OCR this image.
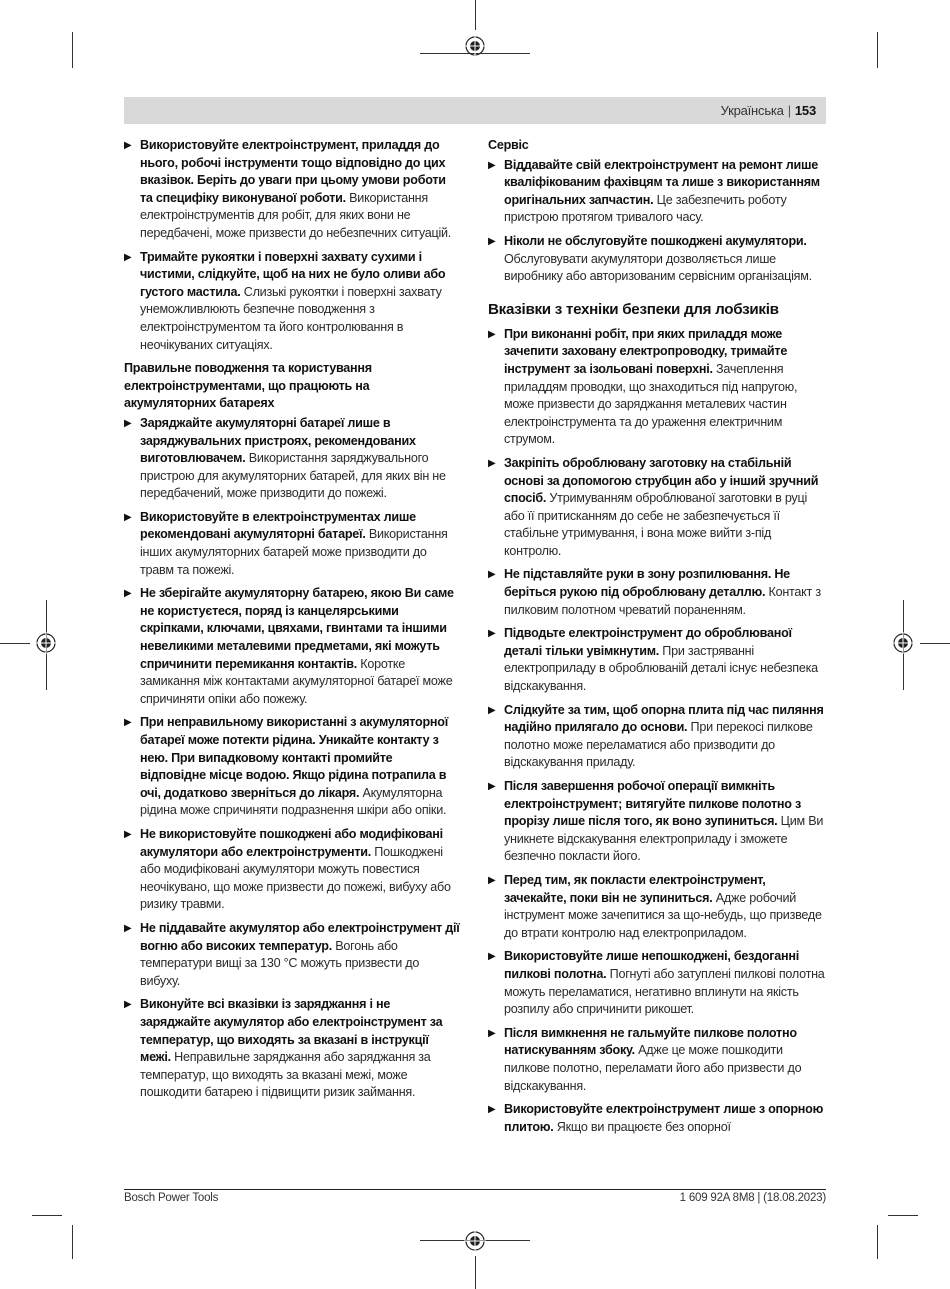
Українська | 153
▶ Використовуйте електроінструмент, приладдя до нього, робочі інструменти тощо відповідно до цих вказівок. Беріть до уваги при цьому умови роботи та специфіку виконуваної роботи. Використання електроінструментів для робіт, для яких вони не передбачені, може призвести до небезпечних ситуацій.
▶ Тримайте рукоятки і поверхні захвату сухими і чистими, слідкуйте, щоб на них не було оливи або густого мастила. Слизькі рукоятки і поверхні захвату унеможливлюють безпечне поводження з електроінструментом та його контролювання в неочікуваних ситуаціях.
Правильне поводження та користування електроінструментами, що працюють на акумуляторних батареях
▶ Заряджайте акумуляторні батареї лише в заряджувальних пристроях, рекомендованих виготовлювачем. Використання заряджувального пристрою для акумуляторних батарей, для яких він не передбачений, може призводити до пожежі.
▶ Використовуйте в електроінструментах лише рекомендовані акумуляторні батареї. Використання інших акумуляторних батарей може призводити до травм та пожежі.
▶ Не зберігайте акумуляторну батарею, якою Ви саме не користуєтеся, поряд із канцелярськими скріпками, ключами, цвяхами, гвинтами та іншими невеликими металевими предметами, які можуть спричинити перемикання контактів. Коротке замикання між контактами акумуляторної батареї може спричиняти опіки або пожежу.
▶ При неправильному використанні з акумуляторної батареї може потекти рідина. Уникайте контакту з нею. При випадковому контакті промийте відповідне місце водою. Якщо рідина потрапила в очі, додатково зверніться до лікаря. Акумуляторна рідина може спричиняти подразнення шкіри або опіки.
▶ Не використовуйте пошкоджені або модифіковані акумулятори або електроінструменти. Пошкоджені або модифіковані акумулятори можуть повестися неочікувано, що може призвести до пожежі, вибуху або ризику травми.
▶ Не піддавайте акумулятор або електроінструмент дії вогню або високих температур. Вогонь або температури вищі за 130 °C можуть призвести до вибуху.
▶ Виконуйте всі вказівки із заряджання і не заряджайте акумулятор або електроінструмент за температур, що виходять за вказані в інструкції межі. Неправильне заряджання або заряджання за температур, що виходять за вказані межі, може пошкодити батарею і підвищити ризик займання.
Сервіс
▶ Віддавайте свій електроінструмент на ремонт лише кваліфікованим фахівцям та лише з використанням оригінальних запчастин. Це забезпечить роботу пристрою протягом тривалого часу.
▶ Ніколи не обслуговуйте пошкоджені акумулятори. Обслуговувати акумулятори дозволяється лише виробнику або авторизованим сервісним організаціям.
Вказівки з техніки безпеки для лобзиків
▶ При виконанні робіт, при яких приладдя може зачепити заховану електропроводку, тримайте інструмент за ізольовані поверхні. Зачеплення приладдям проводки, що знаходиться під напругою, може призвести до заряджання металевих частин електроінструмента та до ураження електричним струмом.
▶ Закріпіть оброблювану заготовку на стабільній основі за допомогою струбцин або у інший зручний спосіб. Утримуванням оброблюваної заготовки в руці або її притисканням до себе не забезпечується її стабільне утримування, і вона може вийти з-під контролю.
▶ Не підставляйте руки в зону розпилювання. Не беріться рукою під оброблювану деталлю. Контакт з пилковим полотном чреватий пораненням.
▶ Підводьте електроінструмент до оброблюваної деталі тільки увімкнутим. При застряванні електроприладу в оброблюваній деталі існує небезпека відскакування.
▶ Слідкуйте за тим, щоб опорна плита під час пиляння надійно прилягало до основи. При перекосі пилкове полотно може переламатися або призводити до відскакування приладу.
▶ Після завершення робочої операції вимкніть електроінструмент; витягуйте пилкове полотно з прорізу лише після того, як воно зупиниться. Цим Ви уникнете відскакування електроприладу і зможете безпечно покласти його.
▶ Перед тим, як покласти електроінструмент, зачекайте, поки він не зупиниться. Адже робочий інструмент може зачепитися за що-небудь, що призведе до втрати контролю над електроприладом.
▶ Використовуйте лише непошкоджені, бездоганні пилкові полотна. Погнуті або затуплені пилкові полотна можуть переламатися, негативно вплинути на якість розпилу або спричинити рикошет.
▶ Після вимкнення не гальмуйте пилкове полотно натискуванням збоку. Адже це може пошкодити пилкове полотно, переламати його або призвести до відскакування.
▶ Використовуйте електроінструмент лише з опорною плитою. Якщо ви працюєте без опорної
Bosch Power Tools	1 609 92A 8M8 | (18.08.2023)
